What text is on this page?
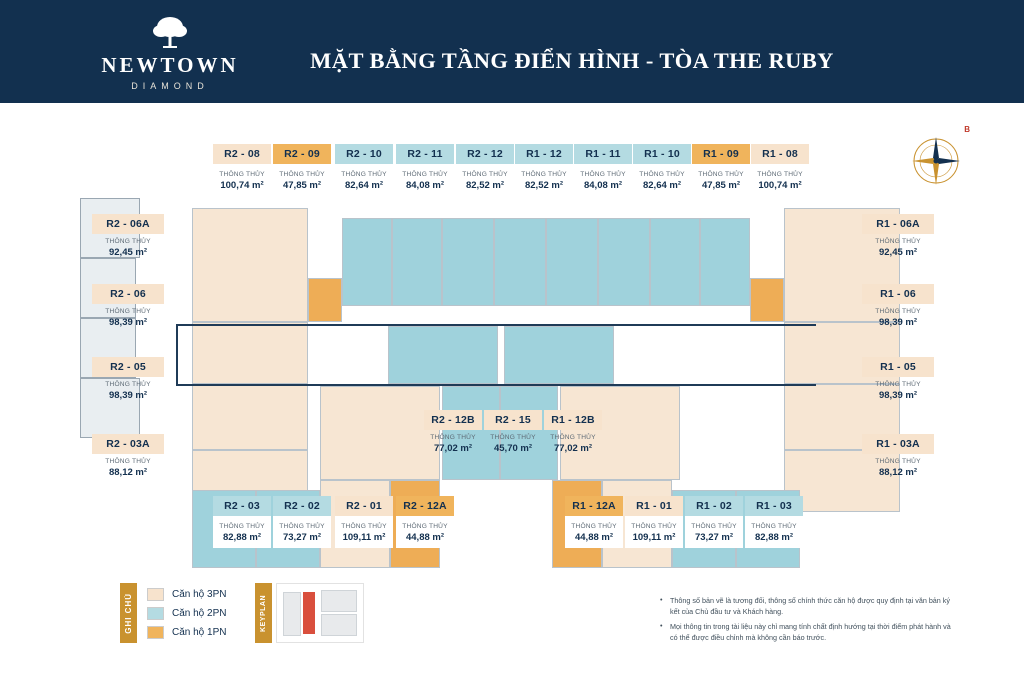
NEWTOWN
DIAMOND
MẶT BẰNG TẦNG ĐIỂN HÌNH - TÒA THE RUBY
B
R2 - 08
THÔNG THỦY
100,74 m²
R2 - 09
THÔNG THỦY
47,85 m²
R2 - 10
THÔNG THỦY
82,64 m²
R2 - 11
THÔNG THỦY
84,08 m²
R2 - 12
THÔNG THỦY
82,52 m²
R1 - 12
THÔNG THỦY
82,52 m²
R1 - 11
THÔNG THỦY
84,08 m²
R1 - 10
THÔNG THỦY
82,64 m²
R1 - 09
THÔNG THỦY
47,85 m²
R1 - 08
THÔNG THỦY
100,74 m²
R2 - 06A
THÔNG THỦY
92,45 m²
R2 - 06
THÔNG THỦY
98,39 m²
R2 - 05
THÔNG THỦY
98,39 m²
R2 - 03A
THÔNG THỦY
88,12 m²
R1 - 06A
THÔNG THỦY
92,45 m²
R1 - 06
THÔNG THỦY
98,39 m²
R1 - 05
THÔNG THỦY
98,39 m²
R1 - 03A
THÔNG THỦY
88,12 m²
R2 - 12B
THÔNG THỦY
77,02 m²
R2 - 15
THÔNG THỦY
45,70 m²
R1 - 12B
THÔNG THỦY
77,02 m²
R2 - 03
THÔNG THỦY
82,88 m²
R2 - 02
THÔNG THỦY
73,27 m²
R2 - 01
THÔNG THỦY
109,11 m²
R2 - 12A
THÔNG THỦY
44,88 m²
R1 - 12A
THÔNG THỦY
44,88 m²
R1 - 01
THÔNG THỦY
109,11 m²
R1 - 02
THÔNG THỦY
73,27 m²
R1 - 03
THÔNG THỦY
82,88 m²
GHI CHÚ	Căn hộ 3PN
Căn hộ 2PN
Căn hộ 1PN
KEYPLAN	• Thông số bản vẽ là tương đối, thông số chính thức căn hộ được quy định tại văn bản ký kết của Chủ đầu tư và Khách hàng.
• Mọi thông tin trong tài liệu này chỉ mang tính chất định hướng tại thời điểm phát hành và có thể được điều chỉnh mà không cần báo trước.
